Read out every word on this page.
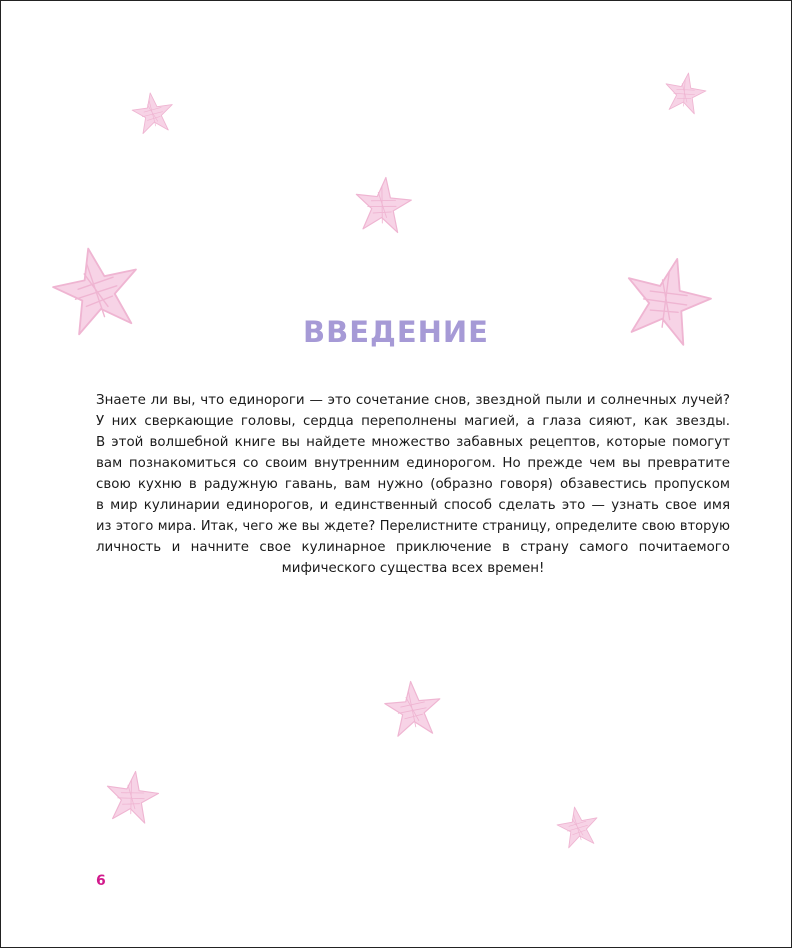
ВВЕДЕНИЕ

Знаете ли вы, что единороги — это сочетание снов, звездной пыли и солнечных лучей?
У них сверкающие головы, сердца переполнены магией, а глаза сияют, как звезды.
В этой волшебной книге вы найдете множество забавных рецептов, которые помогут
вам познакомиться со своим внутренним единорогом. Но прежде чем вы превратите
свою кухню в радужную гавань, вам нужно (образно говоря) обзавестись пропуском
в мир кулинарии единорогов, и единственный способ сделать это — узнать свое имя
из этого мира. Итак, чего же вы ждете? Перелистните страницу, определите свою вторую
личность и начните свое кулинарное приключение в страну самого почитаемого
мифического существа всех времен!

6
